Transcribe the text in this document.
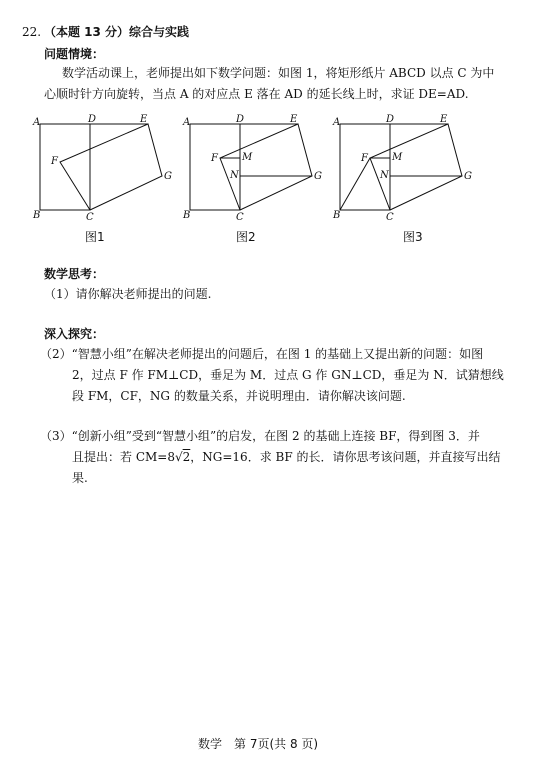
22. （本题 13 分）综合与实践
问题情境：
数学活动课上，老师提出如下数学问题：如图 1，将矩形纸片 ABCD 以点 C 为中
心顺时针方向旋转，当点 A 的对应点 E 落在 AD 的延长线上时，求证 DE=AD.
A	D	E
F
G
B	C
图1
A	D	E
F M
N	G
B	C
图2
A	D	E
F M
N	G
B	C
图3
数学思考：
（1）请你解决老师提出的问题.
深入探究：
（2）“智慧小组”在解决老师提出的问题后，在图 1 的基础上又提出新的问题：如图
2，过点 F 作 FM⊥CD，垂足为 M．过点 G 作 GN⊥CD，垂足为 N．试猜想线
段 FM，CF，NG 的数量关系，并说明理由．请你解决该问题.
（3）“创新小组”受到“智慧小组”的启发，在图 2 的基础上连接 BF，得到图 3．并
且提出：若 CM=8√2，NG=16．求 BF 的长．请你思考该问题，并直接写出结
果.
数学　第 7页(共 8 页)
